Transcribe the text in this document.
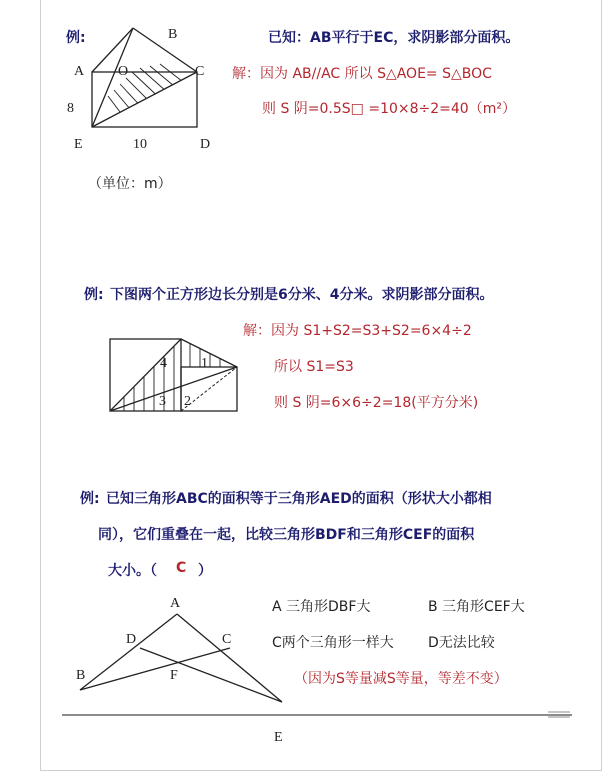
例:	B
A O	C
8
E	10	D
（单位：m）
已知：AB平行于EC，求阴影部分面积。
解：因为 AB//AC 所以 S△AOE= S△BOC
则 S 阴=0.5S□ =10×8÷2=40（m²）
例: 下图两个正方形边长分别是6分米、4分米。求阴影部分面积。
4 1
3 2
解：因为 S1+S2=S3+S2=6×4÷2
所以 S1=S3
则 S 阴=6×6÷2=18(平方分米)
例: 已知三角形ABC的面积等于三角形AED的面积（形状大小都相
同），它们重叠在一起，比较三角形BDF和三角形CEF的面积
大小。（ C ）
A
D	C
B	F
E
A 三角形DBF大	B 三角形CEF大
C两个三角形一样大 D无法比较
（因为S等量减S等量，等差不变）
